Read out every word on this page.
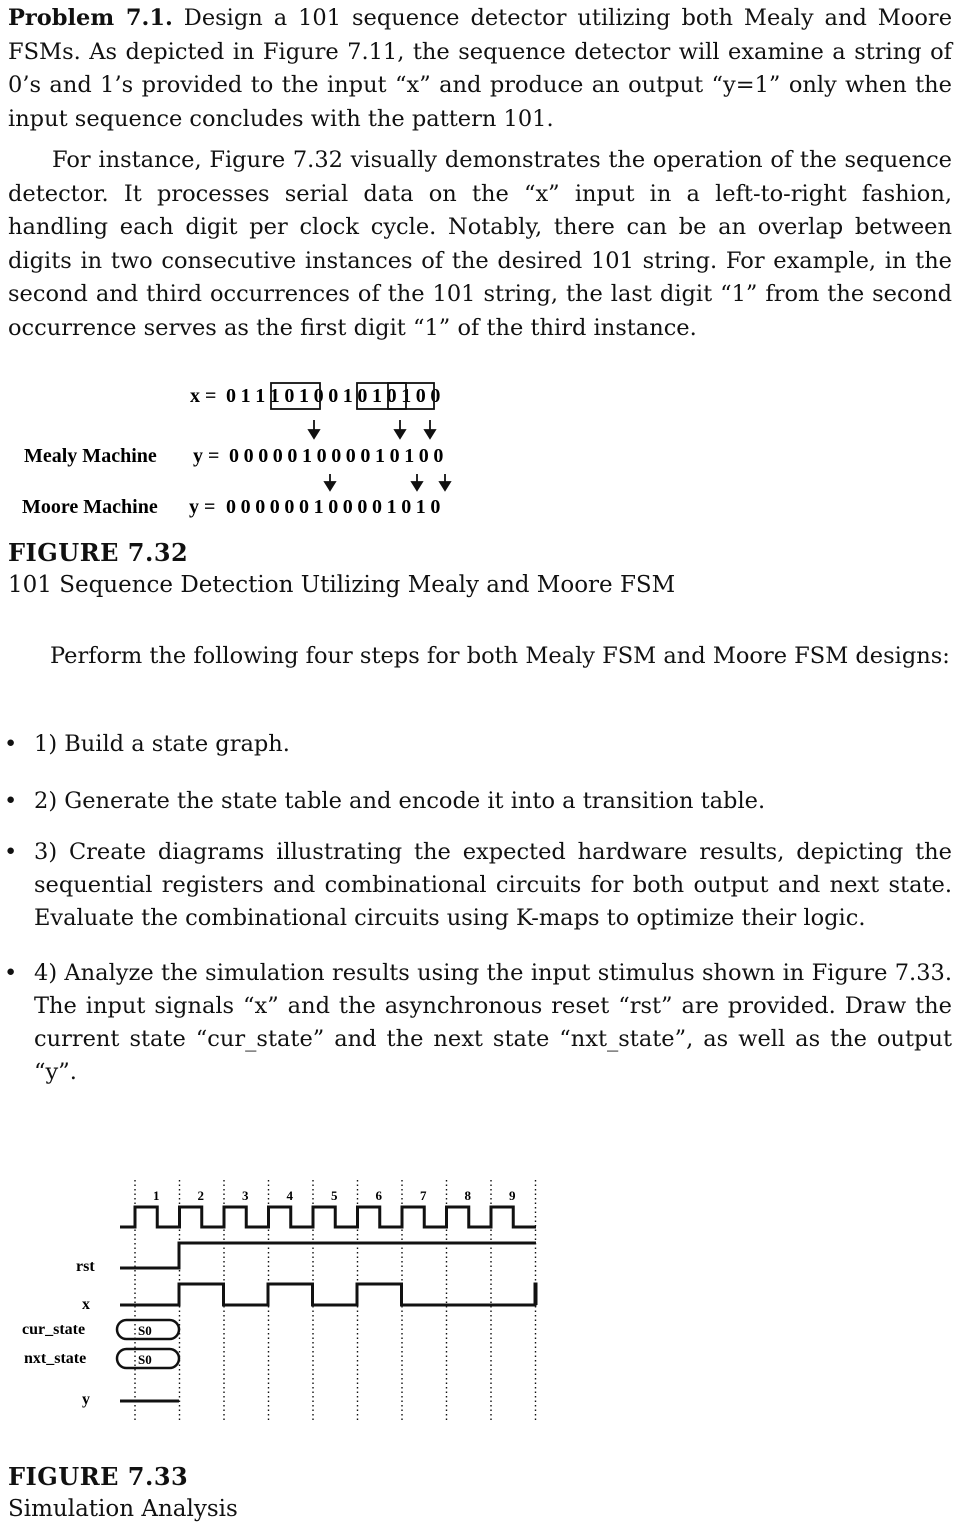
Problem 7.1. Design a 101 sequence detector utilizing both Mealy and Moore FSMs. As depicted in Figure 7.11, the sequence detector will examine a string of 0’s and 1’s provided to the input “x” and produce an output “y=1” only when the input sequence concludes with the pattern 101.
For instance, Figure 7.32 visually demonstrates the operation of the sequence detector. It processes serial data on the “x” input in a left-to-right fashion, handling each digit per clock cycle. Notably, there can be an overlap between digits in two consecutive instances of the desired 101 string. For example, in the second and third occurrences of the 101 string, the last digit “1” from the second occurrence serves as the first digit “1” of the third instance.
x = 0 1 1 1 0 1 0 0 1 0 1 0 1 0 0
Mealy Machine y = 0 0 0 0 0 1 0 0 0 0 1 0 1 0 0
Moore Machine y = 0 0 0 0 0 0 1 0 0 0 0 1 0 1 0
FIGURE 7.32
101 Sequence Detection Utilizing Mealy and Moore FSM
Perform the following four steps for both Mealy FSM and Moore FSM designs:
• 1) Build a state graph.
• 2) Generate the state table and encode it into a transition table.
• 3) Create diagrams illustrating the expected hardware results, depicting the sequential registers and combinational circuits for both output and next state. Evaluate the combinational circuits using K-maps to optimize their logic.
• 4) Analyze the simulation results using the input stimulus shown in Figure 7.33. The input signals “x” and the asynchronous reset “rst” are provided. Draw the current state “cur_state” and the next state “nxt_state”, as well as the output “y”.
1	2	3	4	5	6	7	8	9
rst
x
cur_state	S0
nxt_state	S0
y
FIGURE 7.33
Simulation Analysis
